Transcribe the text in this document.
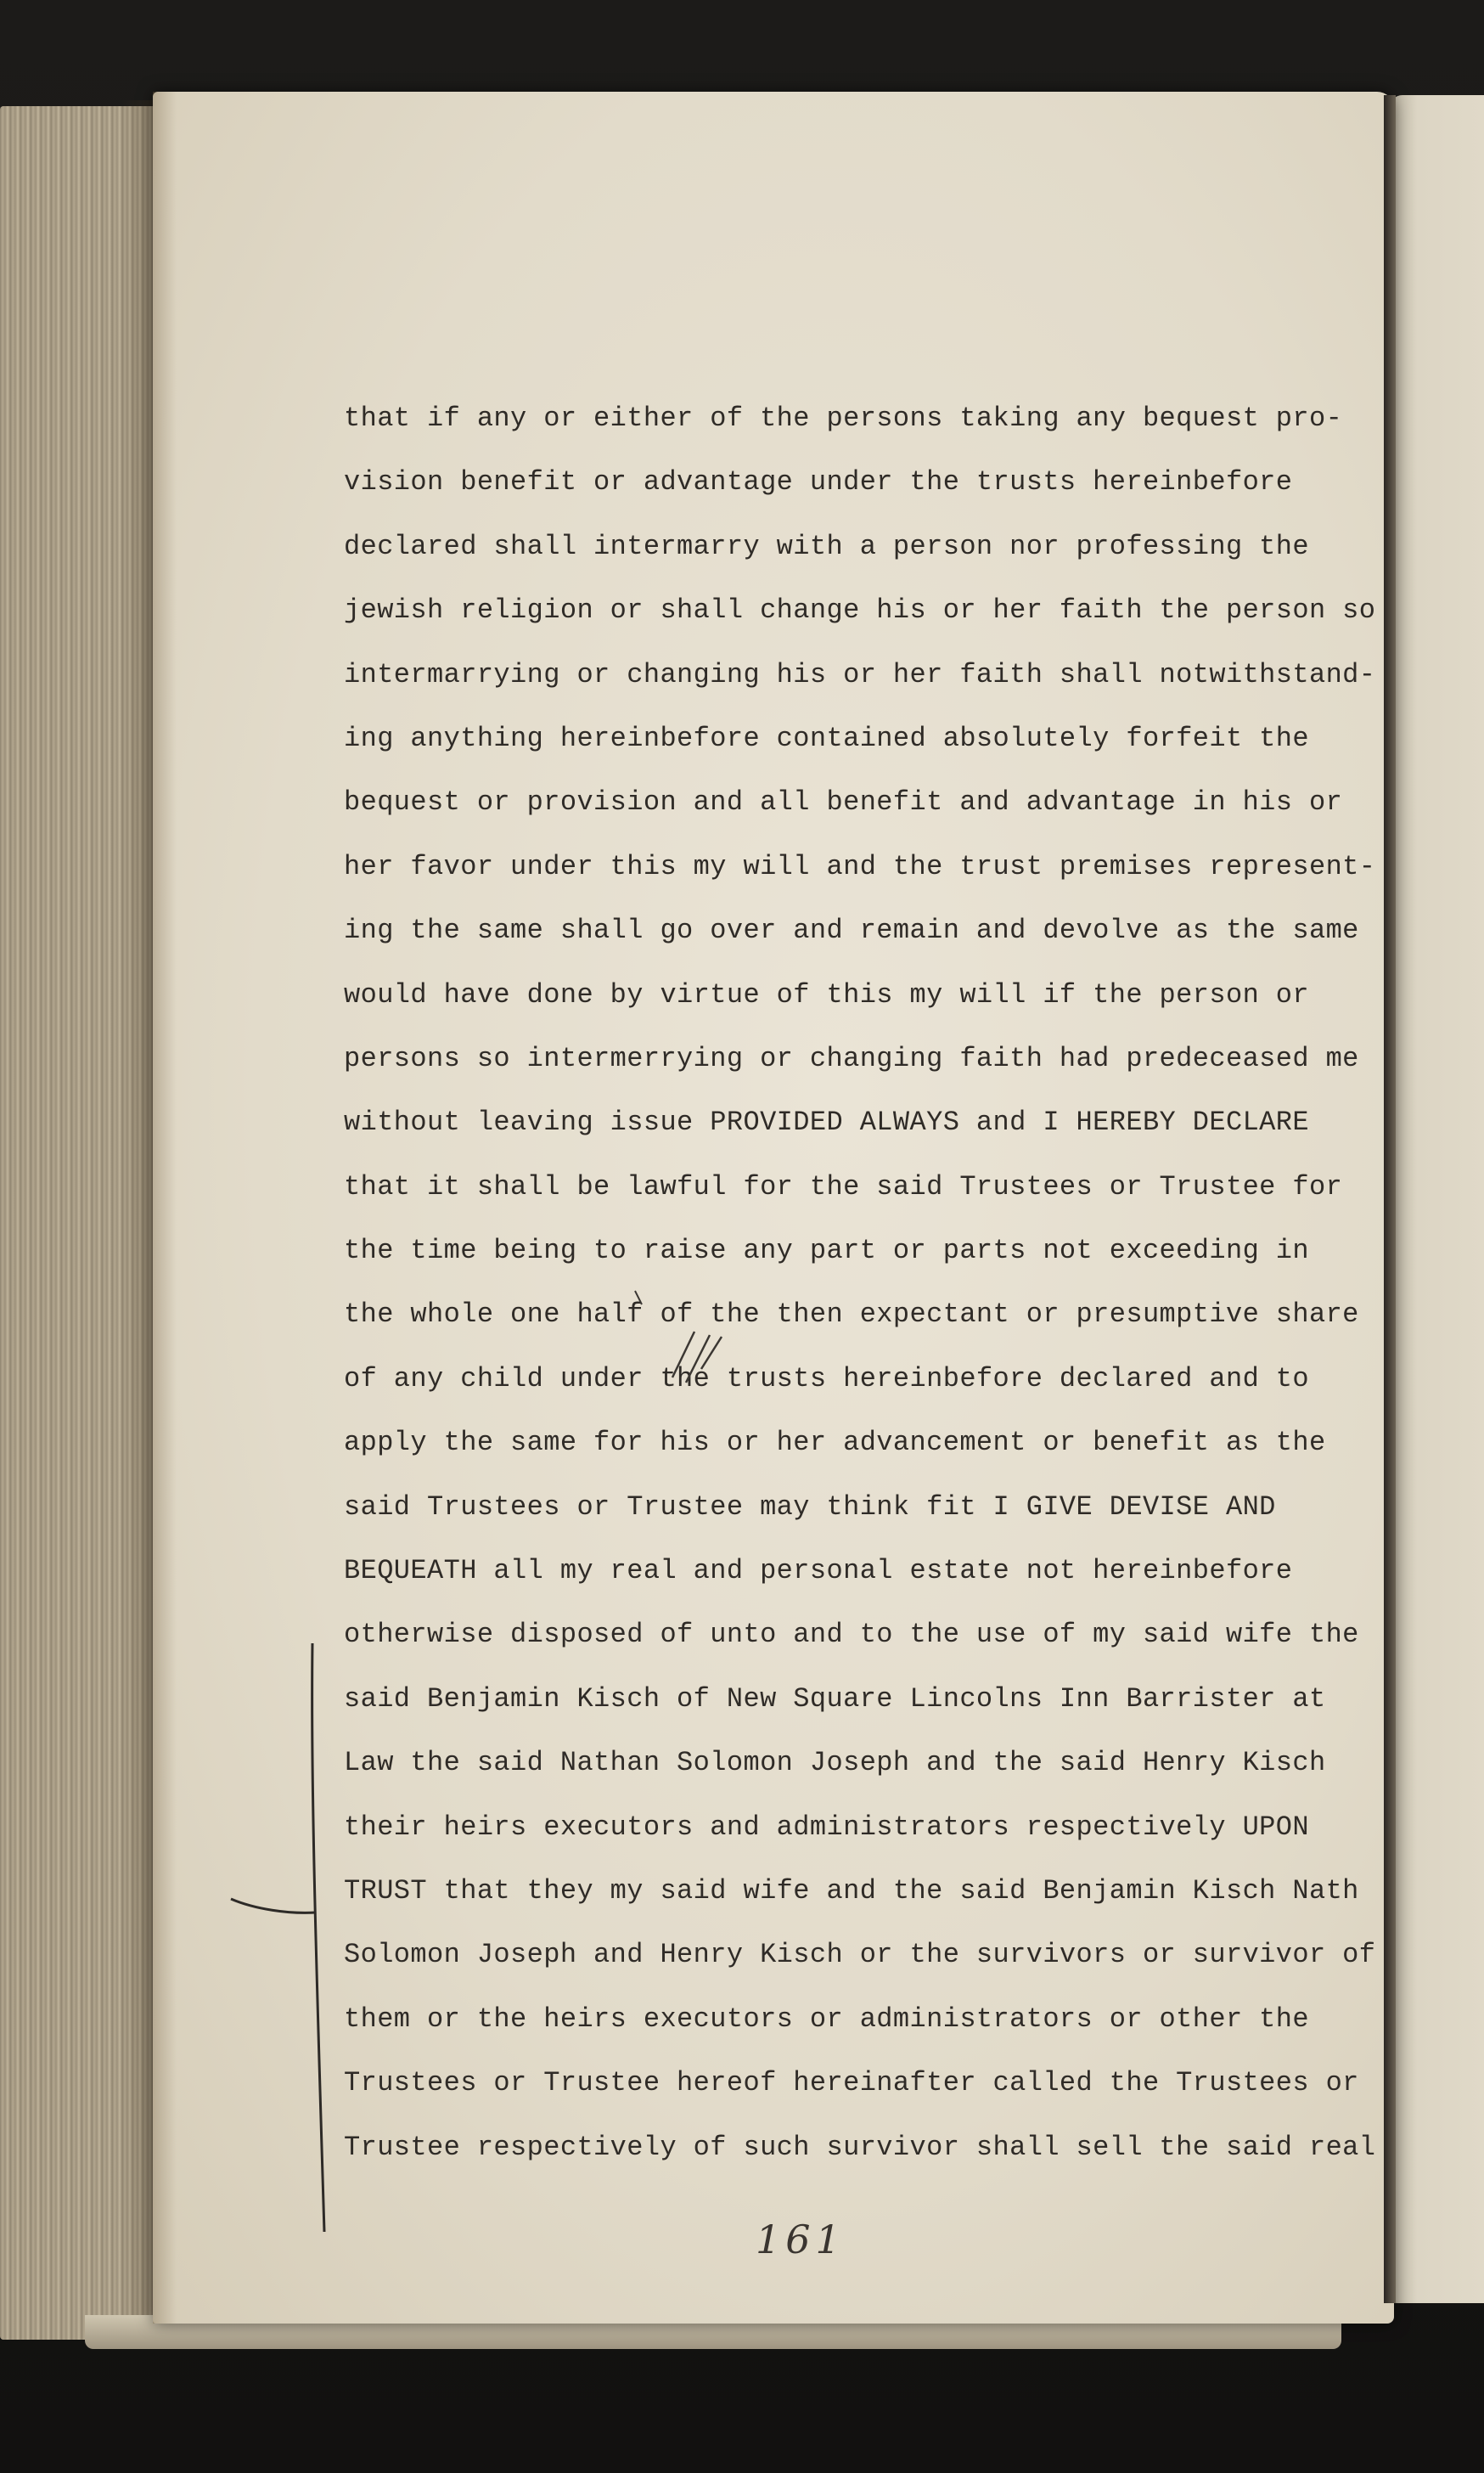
that if any or either of the persons taking any bequest pro-

vision benefit or advantage under the trusts hereinbefore

declared shall intermarry with a person nor professing the

jewish religion or shall change his or her faith the person so

intermarrying or changing his or her faith shall notwithstand-

ing anything hereinbefore contained absolutely forfeit the

bequest or provision and all benefit and advantage in his or

her favor under this my will and the trust premises represent-

ing the same shall go over and remain and devolve as the same

would have done by virtue of this my will if the person or

persons so intermerrying or changing faith had predeceased me

without leaving issue PROVIDED ALWAYS and I HEREBY DECLARE

that it shall be lawful for the said Trustees or Trustee for

the time being to raise any part or parts not exceeding in

the whole one half of the then expectant or presumptive share

of any child under the trusts hereinbefore declared and to

apply the same for his or her advancement or benefit as the

said Trustees or Trustee may think fit I GIVE DEVISE AND

BEQUEATH all my real and personal estate not hereinbefore

otherwise disposed of unto and to the use of my said wife the

said Benjamin Kisch of New Square Lincolns Inn Barrister at

Law the said Nathan Solomon Joseph and the said Henry Kisch

their heirs executors and administrators respectively UPON

TRUST that they my said wife and the said Benjamin Kisch Nath

Solomon Joseph and Henry Kisch or the survivors or survivor of

them or the heirs executors or administrators or other the

Trustees or Trustee hereof hereinafter called the Trustees or

Trustee respectively of such survivor shall sell the said real

161
